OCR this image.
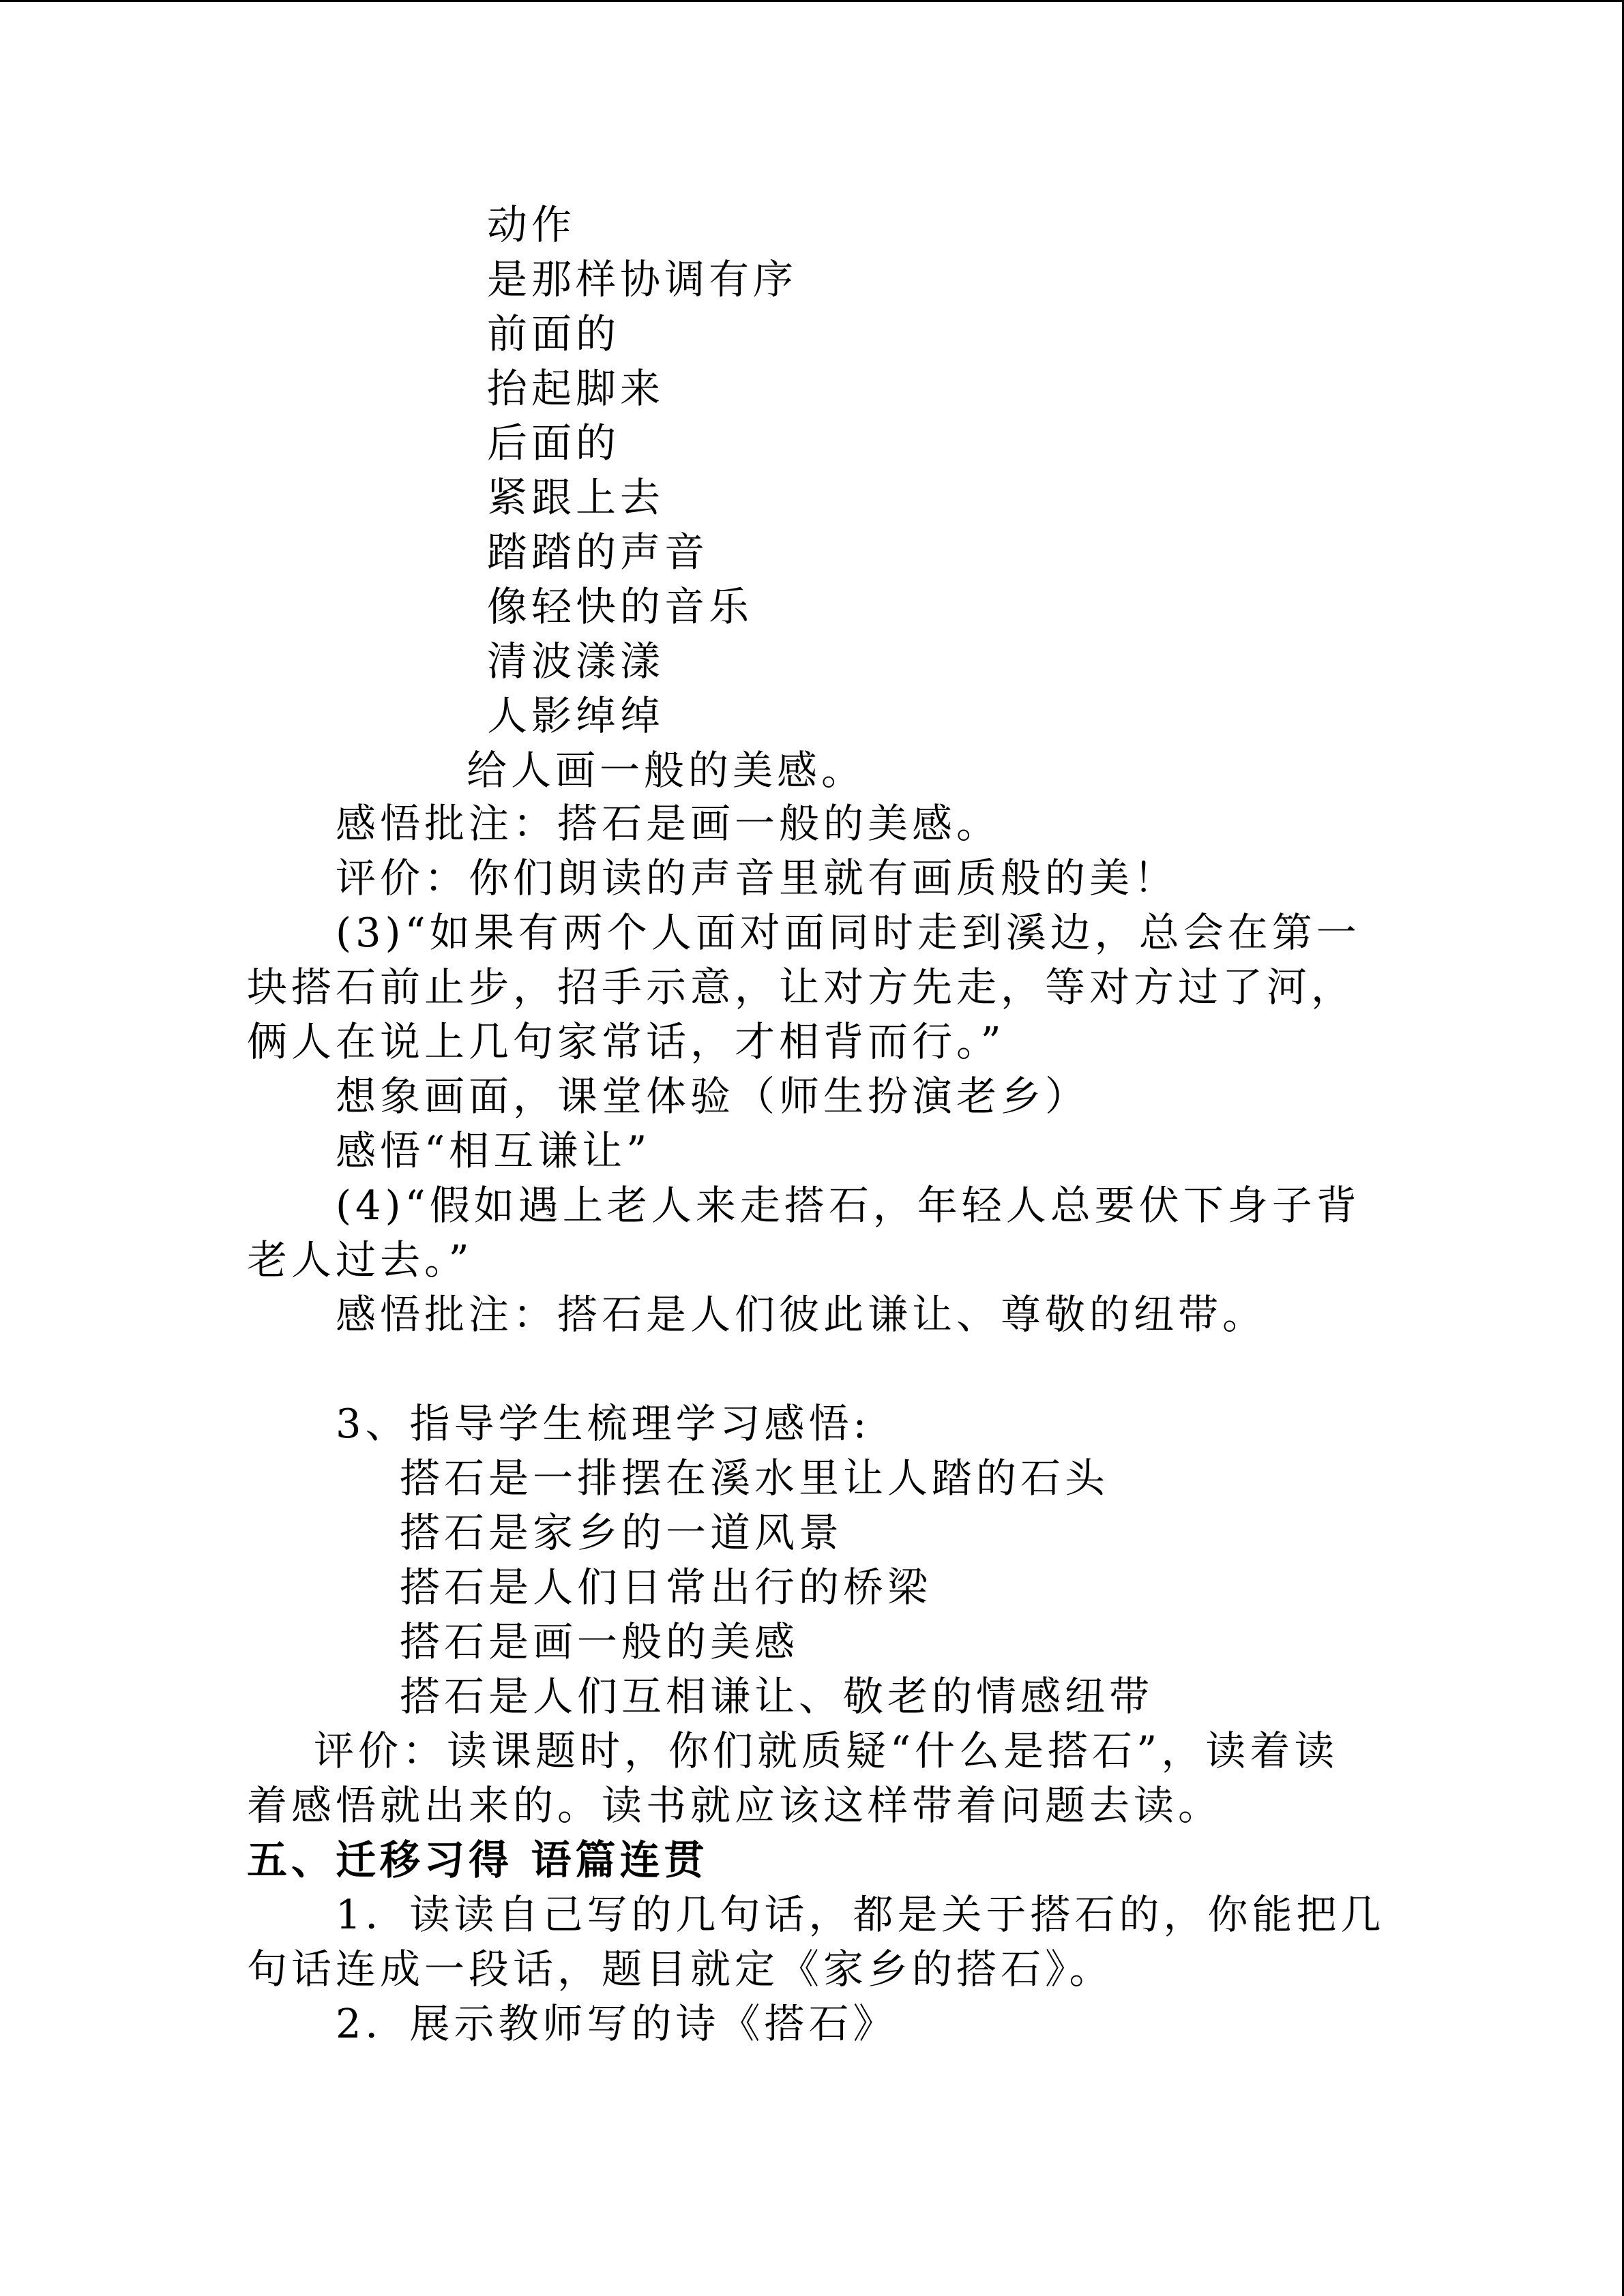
动作
是那样协调有序
前面的
抬起脚来
后面的
紧跟上去
踏踏的声音
像轻快的音乐
清波漾漾
人影绰绰
给人画一般的美感。
感悟批注：搭石是画一般的美感。
评价：你们朗读的声音里就有画质般的美！
(3)“如果有两个人面对面同时走到溪边，总会在第一
块搭石前止步，招手示意，让对方先走，等对方过了河，
俩人在说上几句家常话，才相背而行。”
想象画面，课堂体验（师生扮演老乡）
感悟“相互谦让”
(4)“假如遇上老人来走搭石，年轻人总要伏下身子背
老人过去。”
感悟批注：搭石是人们彼此谦让、尊敬的纽带。
3、指导学生梳理学习感悟:
搭石是一排摆在溪水里让人踏的石头
搭石是家乡的一道风景
搭石是人们日常出行的桥梁
搭石是画一般的美感
搭石是人们互相谦让、敬老的情感纽带
评价：读课题时，你们就质疑“什么是搭石”，读着读
着感悟就出来的。读书就应该这样带着问题去读。
五、迁移习得 语篇连贯
1．读读自己写的几句话，都是关于搭石的，你能把几
句话连成一段话，题目就定《家乡的搭石》。
2．展示教师写的诗《搭石》
